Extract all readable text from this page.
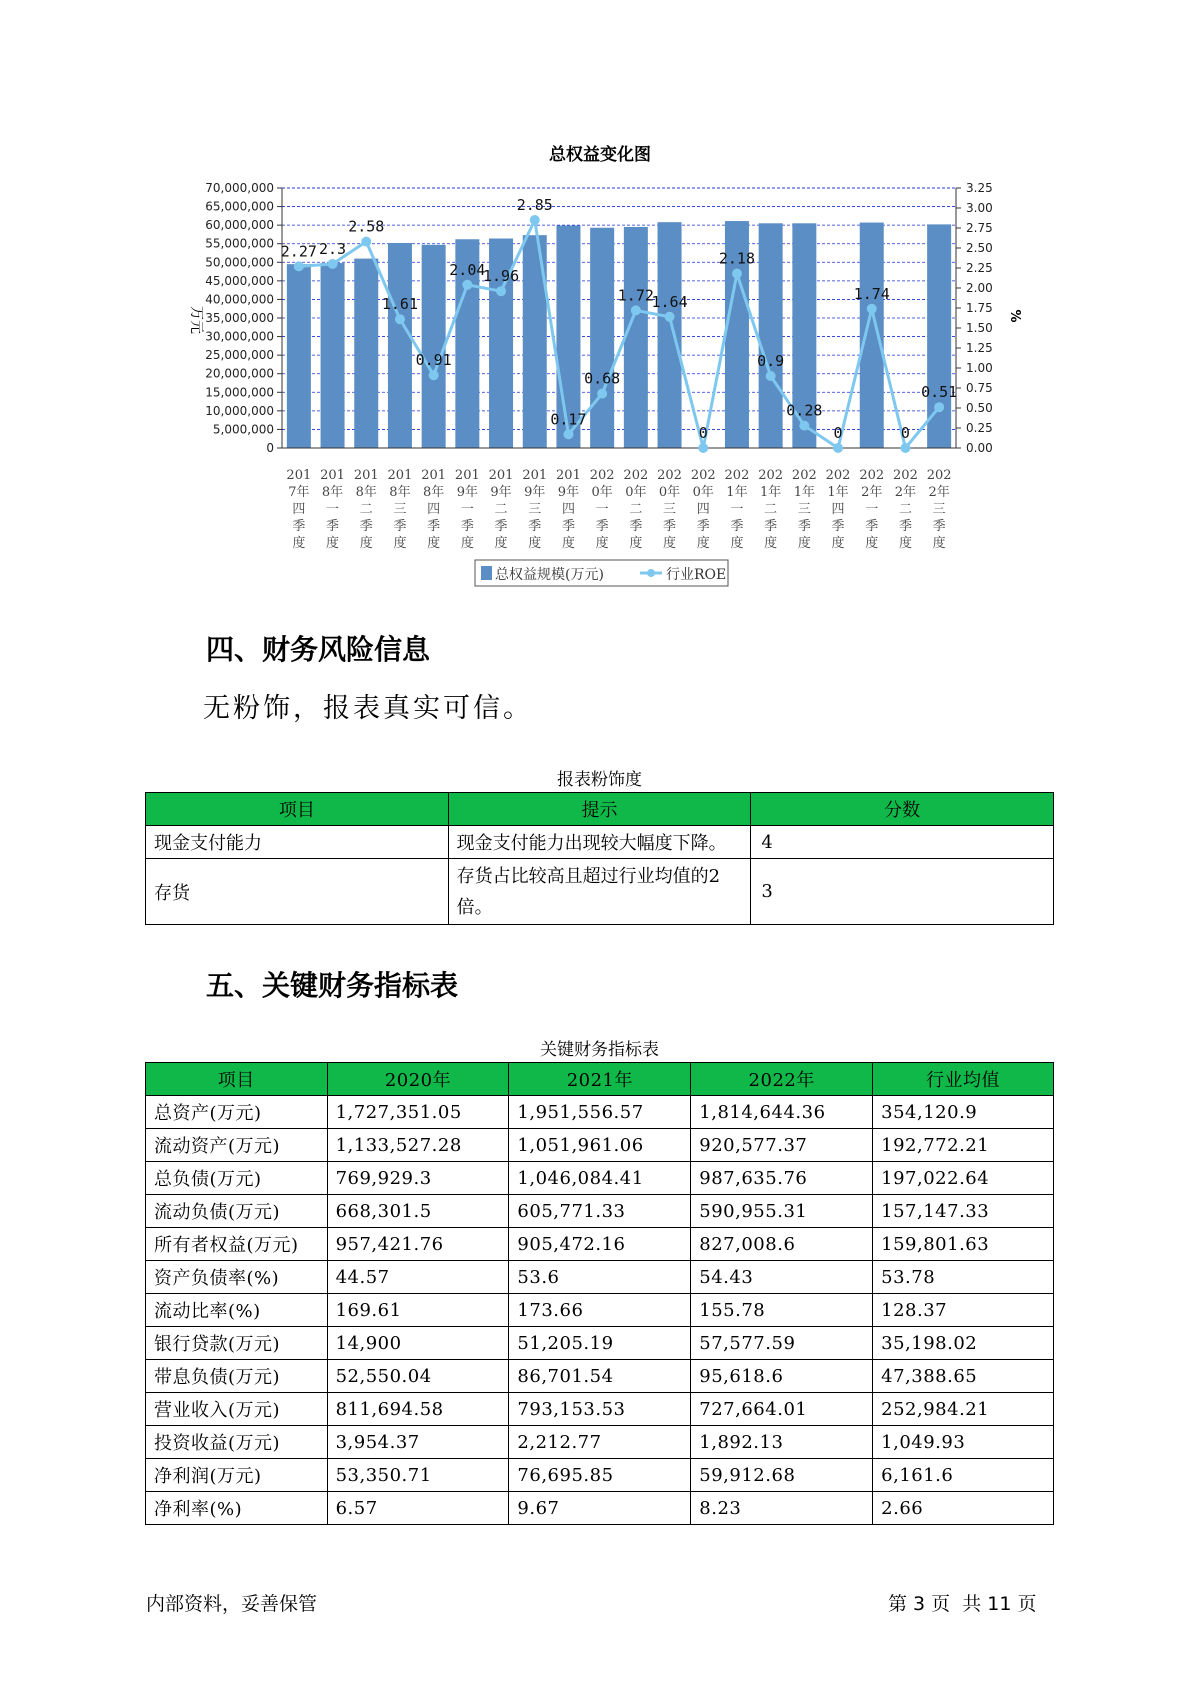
总权益变化图
2.27 2.3
2.58
1.61
0.91
2.04
1.96
2.85
0.17
0.68
1.72
1.64
0
2.18
0.9
0.28
0
1.74
0
0.51
0
5,000,000
10,000,000
15,000,000
20,000,000
25,000,000
30,000,000
35,000,000
40,000,000
45,000,000
50,000,000
55,000,000
60,000,000
65,000,000
70,000,000
0.00
0.25
0.50
0.75
1.00
1.25
1.50
1.75
2.00
2.25
2.50
2.75
3.00
3.25
201
7年
四
季
度
201
8年
一
季
度
201
8年
二
季
度
201
8年
三
季
度
201
8年
四
季
度
201
9年
一
季
度
201
9年
二
季
度
201
9年
三
季
度
201
9年
四
季
度
202
0年
一
季
度
202
0年
二
季
度
202
0年
三
季
度
202
0年
四
季
度
202
1年
一
季
度
202
1年
二
季
度
202
1年
三
季
度
202
1年
四
季
度
202
2年
一
季
度
202
2年
二
季
度
202
2年
三
季
度
万元	%
总权益规模(万元)	行业ROE
四、财务风险信息
无粉饰，报表真实可信。
报表粉饰度
项目	提示	分数
现金支付能力	现金支付能力出现较大幅度下降。	4
存货	存货占比较高且超过行业均值的2倍。	3
五、关键财务指标表
关键财务指标表
项目	2020年	2021年	2022年	行业均值
总资产(万元)	1,727,351.05	1,951,556.57	1,814,644.36	354,120.9
流动资产(万元)	1,133,527.28	1,051,961.06	920,577.37	192,772.21
总负债(万元)	769,929.3	1,046,084.41	987,635.76	197,022.64
流动负债(万元)	668,301.5	605,771.33	590,955.31	157,147.33
所有者权益(万元)	957,421.76	905,472.16	827,008.6	159,801.63
资产负债率(%)	44.57	53.6	54.43	53.78
流动比率(%)	169.61	173.66	155.78	128.37
银行贷款(万元)	14,900	51,205.19	57,577.59	35,198.02
带息负债(万元)	52,550.04	86,701.54	95,618.6	47,388.65
营业收入(万元)	811,694.58	793,153.53	727,664.01	252,984.21
投资收益(万元)	3,954.37	2,212.77	1,892.13	1,049.93
净利润(万元)	53,350.71	76,695.85	59,912.68	6,161.6
净利率(%)	6.57	9.67	8.23	2.66
内部资料，妥善保管	第 3 页  共 11 页
